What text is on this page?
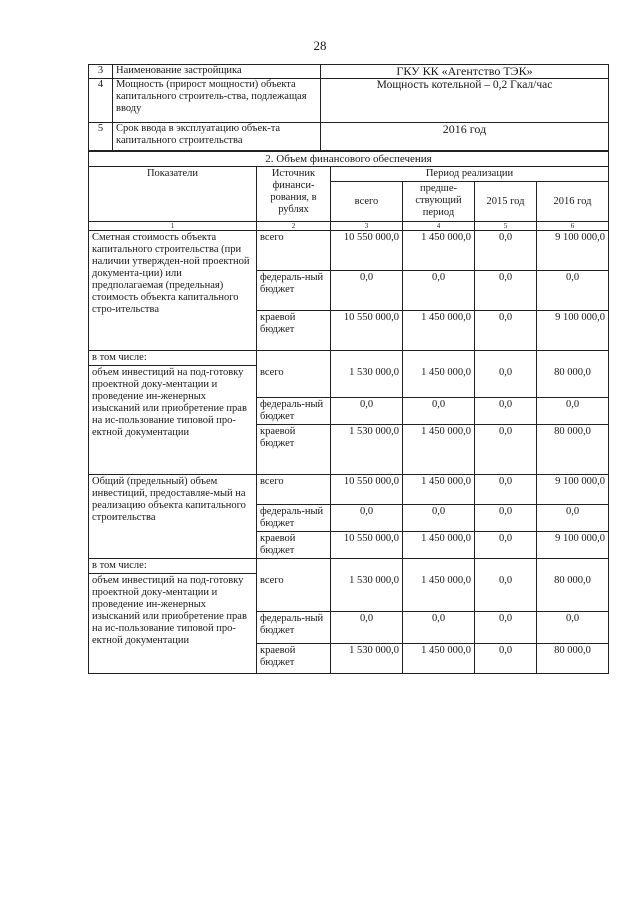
28
3	Наименование застройщика	ГКУ КК «Агентство ТЭК»
4	Мощность (прирост мощности) объекта капитального строитель-ства, подлежащая вводу	Мощность котельной – 0,2 Гкал/час
5	Срок ввода в эксплуатацию объек-та капитального строительства	2016 год
2. Объем финансового обеспечения					
Показатели	Источник финанси-рования, в рублях	Период реализации			
		всего	предше-ствующий период	2015 год	2016 год
1	2	3	4	5	6
Сметная стоимость объекта капитального строительства (при наличии утвержден-ной проектной документа-ции) или предполагаемая (предельная) стоимость объекта капитального стро-ительства	всего	10 550 000,0	1 450 000,0	0,0	9 100 000,0
	федераль-ный бюджет	0,0	0,0	0,0	0,0
	краевой бюджет	10 550 000,0	1 450 000,0	0,0	9 100 000,0
в том числе:					
объем инвестиций на под-готовку проектной доку-ментации и проведение ин-женерных изысканий или приобретение прав на ис-пользование типовой про-ектной документации	всего	1 530 000,0	1 450 000,0	0,0	80 000,0
	федераль-ный бюджет	0,0	0,0	0,0	0,0
	краевой бюджет	1 530 000,0	1 450 000,0	0,0	80 000,0
Общий (предельный) объем инвестиций, предоставляе-мый на реализацию объекта капитального строительства	всего	10 550 000,0	1 450 000,0	0,0	9 100 000,0
	федераль-ный бюджет	0,0	0,0	0,0	0,0
	краевой бюджет	10 550 000,0	1 450 000,0	0,0	9 100 000,0
в том числе:					
объем инвестиций на под-готовку проектной доку-ментации и проведение ин-женерных изысканий или приобретение прав на ис-пользование типовой про-ектной документации	всего	1 530 000,0	1 450 000,0	0,0	80 000,0
	федераль-ный бюджет	0,0	0,0	0,0	0,0
	краевой бюджет	1 530 000,0	1 450 000,0	0,0	80 000,0
